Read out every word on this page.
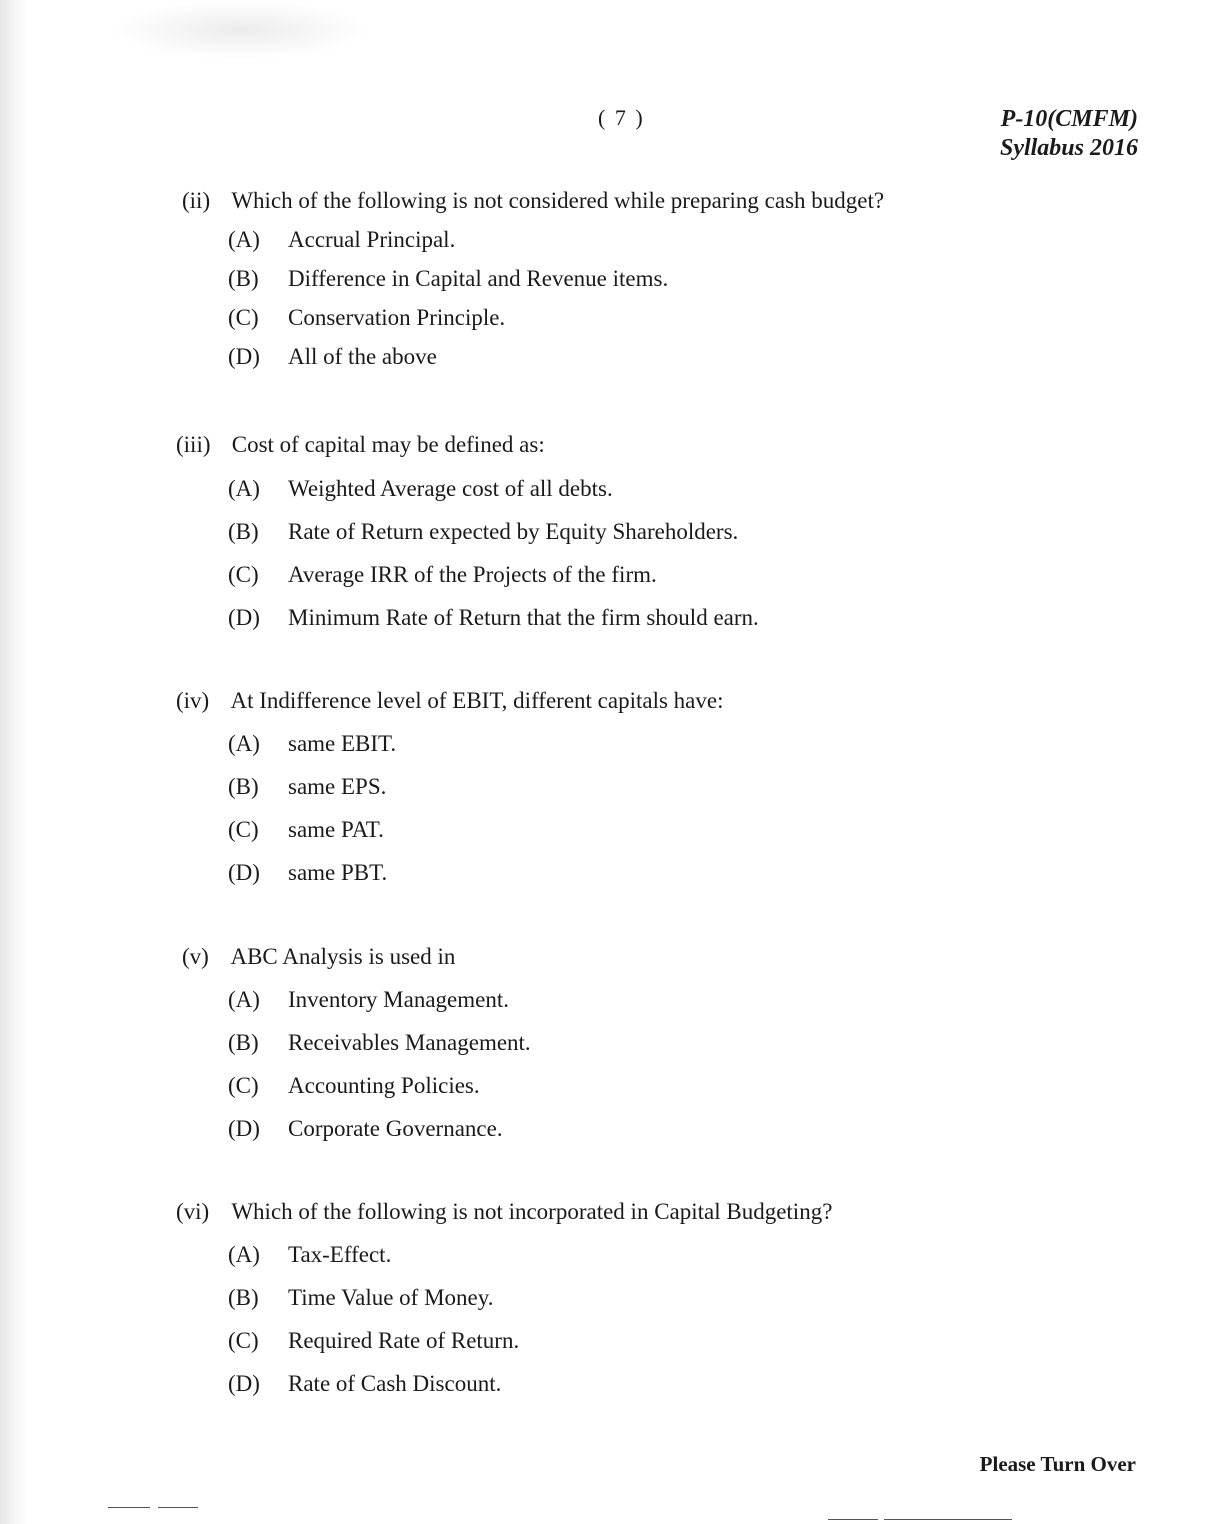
( 7 )	P-10(CMFM)
Syllabus 2016
(ii) Which of the following is not considered while preparing cash budget?
(A) Accrual Principal.
(B) Difference in Capital and Revenue items.
(C) Conservation Principle.
(D) All of the above
(iii) Cost of capital may be defined as:
(A) Weighted Average cost of all debts.
(B) Rate of Return expected by Equity Shareholders.
(C) Average IRR of the Projects of the firm.
(D) Minimum Rate of Return that the firm should earn.
(iv) At Indifference level of EBIT, different capitals have:
(A) same EBIT.
(B) same EPS.
(C) same PAT.
(D) same PBT.
(v) ABC Analysis is used in
(A) Inventory Management.
(B) Receivables Management.
(C) Accounting Policies.
(D) Corporate Governance.
(vi) Which of the following is not incorporated in Capital Budgeting?
(A) Tax-Effect.
(B) Time Value of Money.
(C) Required Rate of Return.
(D) Rate of Cash Discount.
Please Turn Over
